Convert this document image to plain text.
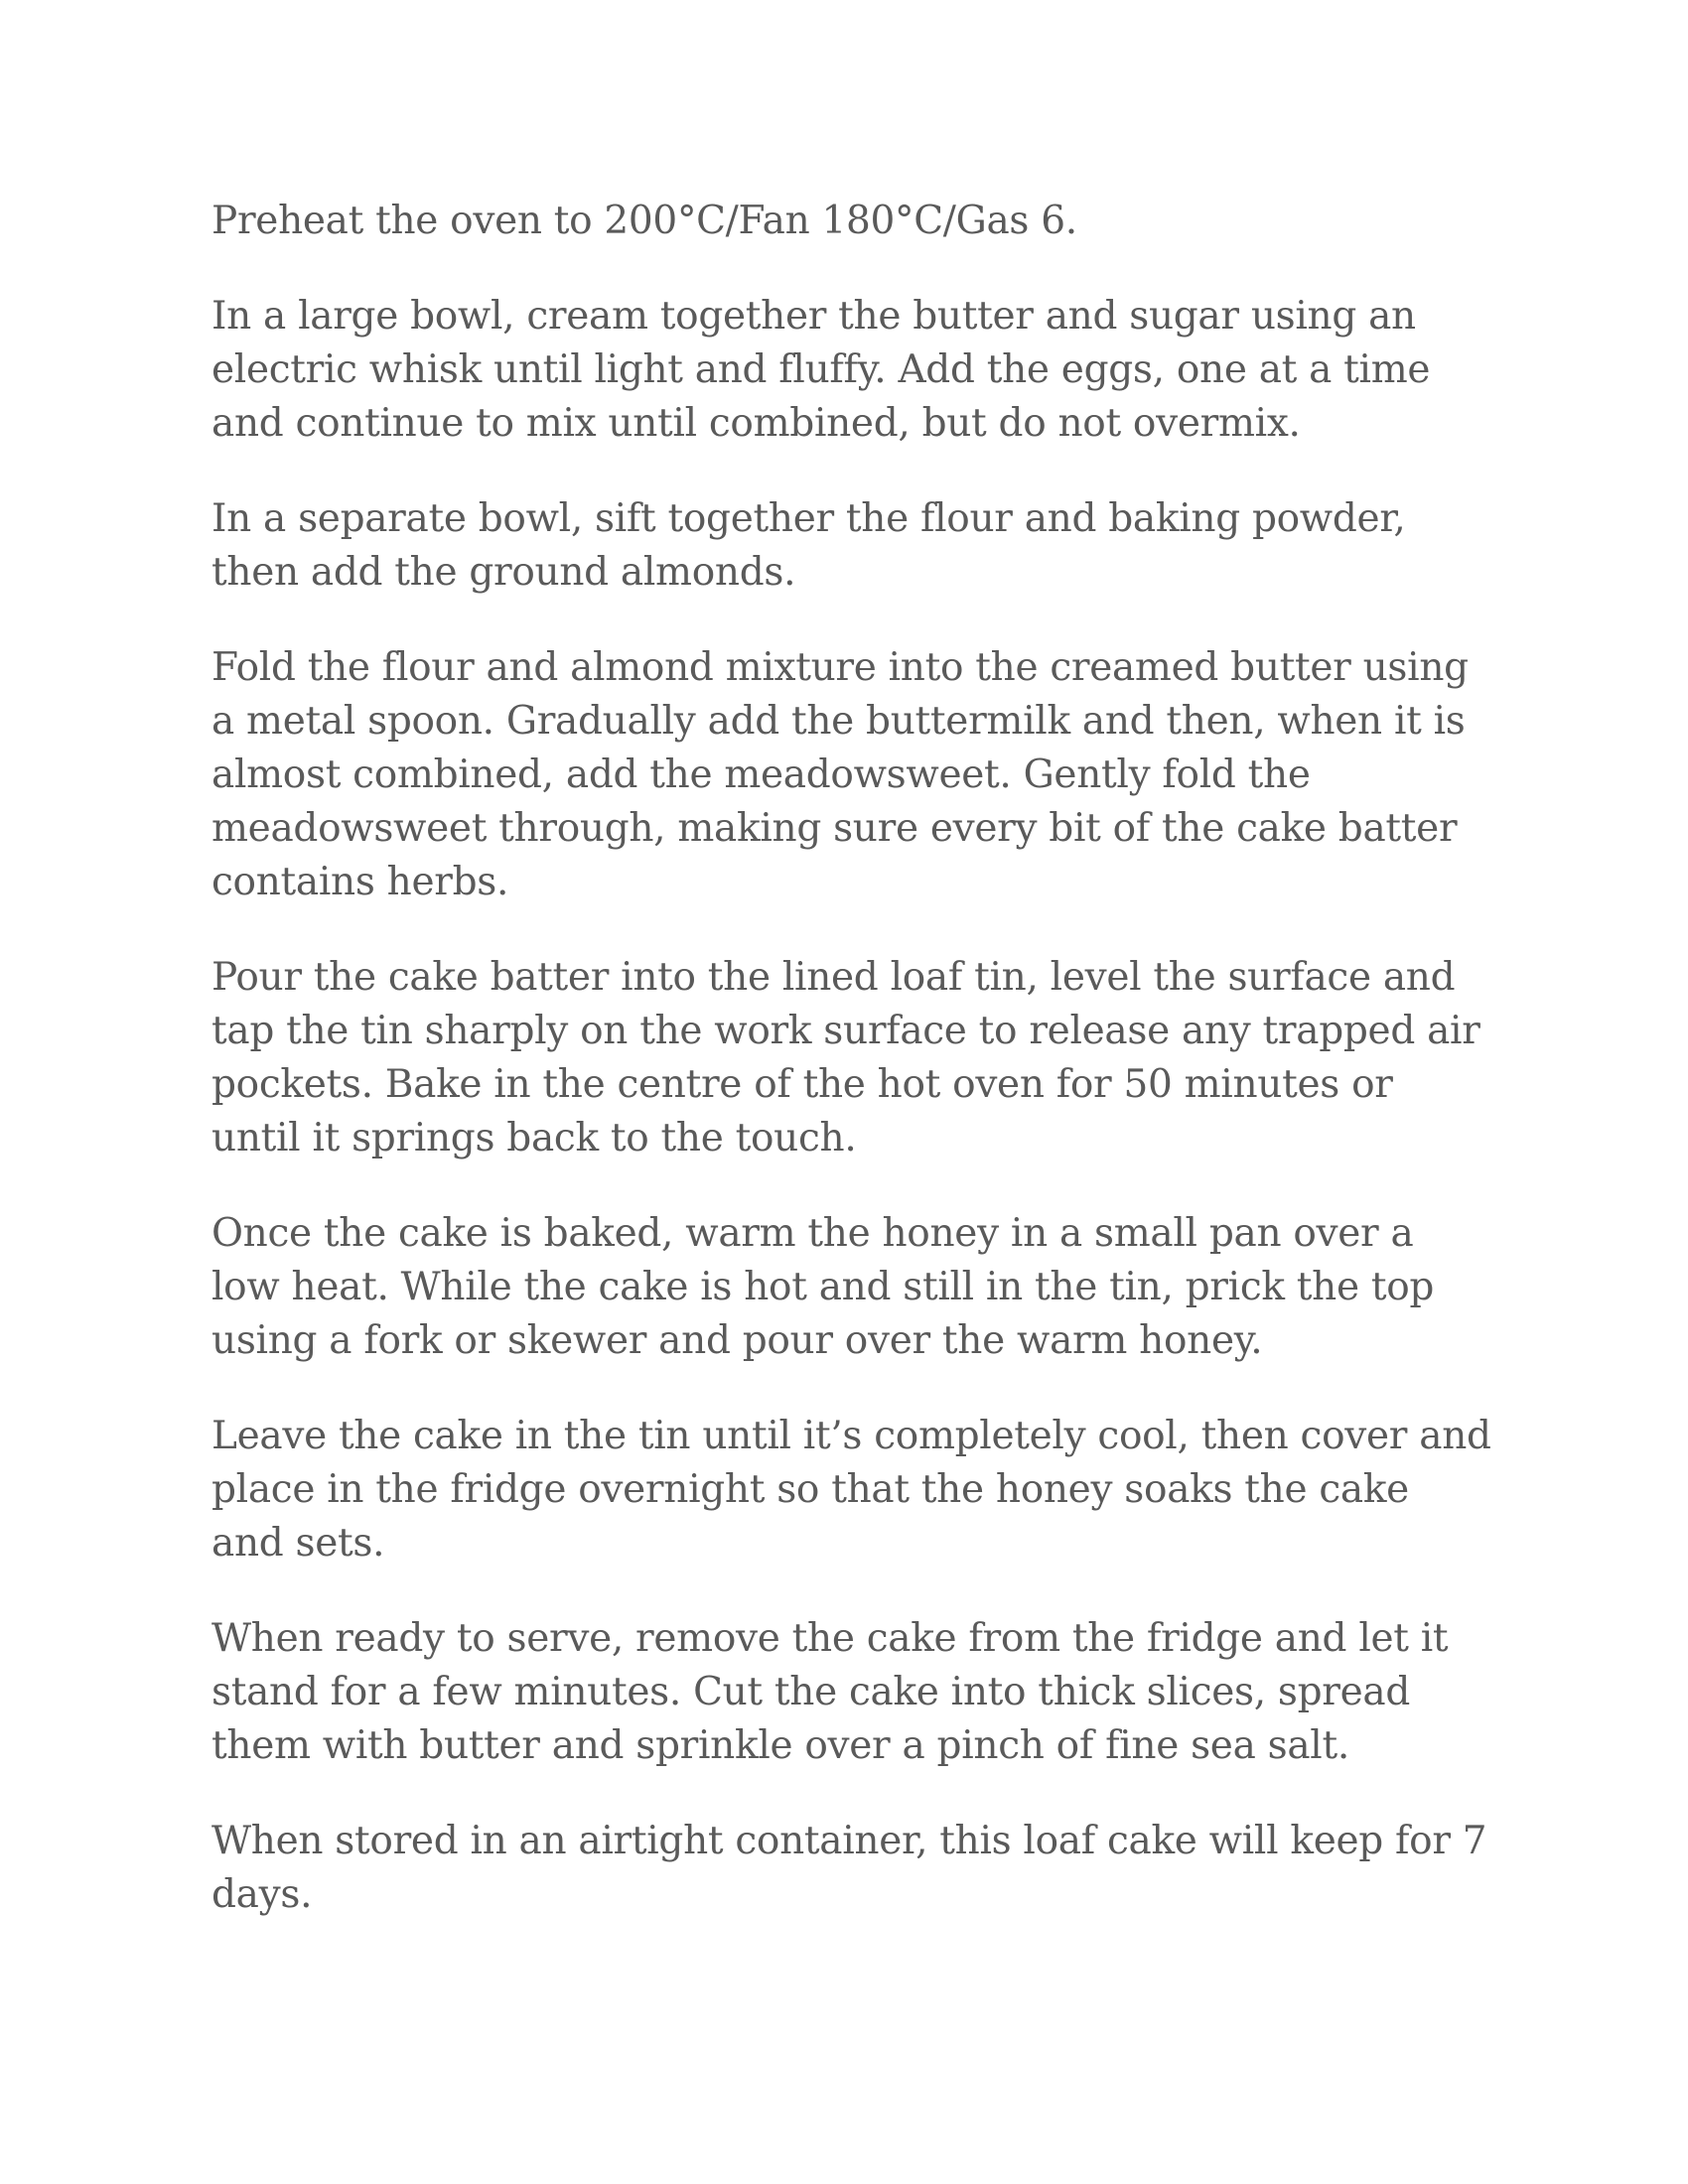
Preheat the oven to 200°C/Fan 180°C/Gas 6.

In a large bowl, cream together the butter and sugar using an electric whisk until light and fluffy. Add the eggs, one at a time and continue to mix until combined, but do not overmix.

In a separate bowl, sift together the flour and baking powder, then add the ground almonds.

Fold the flour and almond mixture into the creamed butter using a metal spoon. Gradually add the buttermilk and then, when it is almost combined, add the meadowsweet. Gently fold the meadowsweet through, making sure every bit of the cake batter contains herbs.

Pour the cake batter into the lined loaf tin, level the surface and tap the tin sharply on the work surface to release any trapped air pockets. Bake in the centre of the hot oven for 50 minutes or until it springs back to the touch.

Once the cake is baked, warm the honey in a small pan over a low heat. While the cake is hot and still in the tin, prick the top using a fork or skewer and pour over the warm honey.

Leave the cake in the tin until it’s completely cool, then cover and place in the fridge overnight so that the honey soaks the cake and sets.

When ready to serve, remove the cake from the fridge and let it stand for a few minutes. Cut the cake into thick slices, spread them with butter and sprinkle over a pinch of fine sea salt.

When stored in an airtight container, this loaf cake will keep for 7 days.
